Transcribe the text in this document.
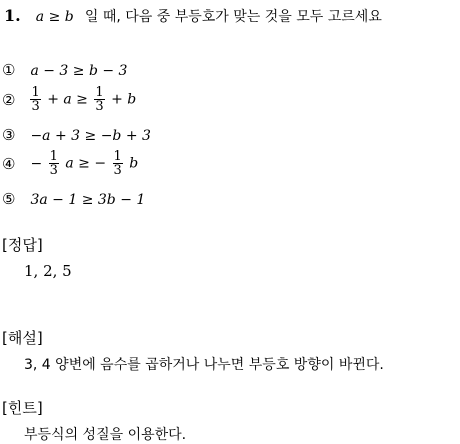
1. a ≥ b 일 때, 다음 중 부등호가 맞는 것을 모두 고르세요
① a − 3 ≥ b − 3
② $\frac{1}{3} + a \ge \frac{1}{3} + b$
③ −a + 3 ≥ −b + 3
④ − $\frac{1}{3}$ a ≥ − $\frac{1}{3}$ b
⑤ 3a − 1 ≥ 3b − 1
[정답]
1, 2, 5
[해설]
3, 4 양변에 음수를 곱하거나 나누면 부등호 방향이 바뀐다.
[힌트]
부등식의 성질을 이용한다.
